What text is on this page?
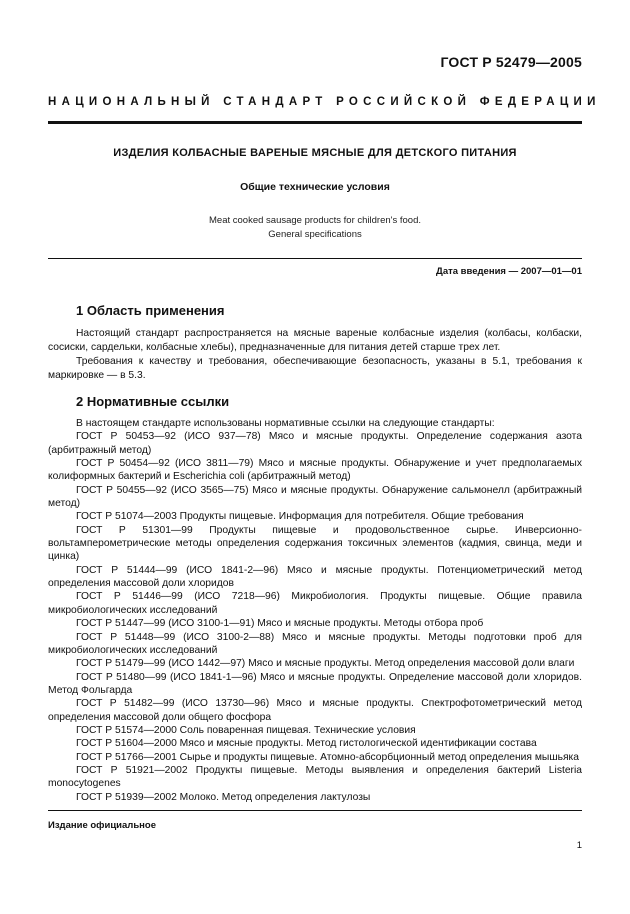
ГОСТ Р 52479—2005
НАЦИОНАЛЬНЫЙ СТАНДАРТ РОССИЙСКОЙ ФЕДЕРАЦИИ
ИЗДЕЛИЯ КОЛБАСНЫЕ ВАРЕНЫЕ МЯСНЫЕ ДЛЯ ДЕТСКОГО ПИТАНИЯ
Общие технические условия
Meat cooked sausage products for children's food.
General specifications
Дата введения — 2007—01—01
1 Область применения
Настоящий стандарт распространяется на мясные вареные колбасные изделия (колбасы, колбаски, сосиски, сардельки, колбасные хлебы), предназначенные для питания детей старше трех лет.
Требования к качеству и требования, обеспечивающие безопасность, указаны в 5.1, требования к маркировке — в 5.3.
2 Нормативные ссылки
В настоящем стандарте использованы нормативные ссылки на следующие стандарты:
ГОСТ Р 50453—92 (ИСО 937—78) Мясо и мясные продукты. Определение содержания азота (арбитражный метод)
ГОСТ Р 50454—92 (ИСО 3811—79) Мясо и мясные продукты. Обнаружение и учет предполагаемых колиформных бактерий и Escherichia coli (арбитражный метод)
ГОСТ Р 50455—92 (ИСО 3565—75) Мясо и мясные продукты. Обнаружение сальмонелл (арбитражный метод)
ГОСТ Р 51074—2003 Продукты пищевые. Информация для потребителя. Общие требования
ГОСТ Р 51301—99 Продукты пищевые и продовольственное сырье. Инверсионно-вольтамперометрические методы определения содержания токсичных элементов (кадмия, свинца, меди и цинка)
ГОСТ Р 51444—99 (ИСО 1841-2—96) Мясо и мясные продукты. Потенциометрический метод определения массовой доли хлоридов
ГОСТ Р 51446—99 (ИСО 7218—96) Микробиология. Продукты пищевые. Общие правила микробиологических исследований
ГОСТ Р 51447—99 (ИСО 3100-1—91) Мясо и мясные продукты. Методы отбора проб
ГОСТ Р 51448—99 (ИСО 3100-2—88) Мясо и мясные продукты. Методы подготовки проб для микробиологических исследований
ГОСТ Р 51479—99 (ИСО 1442—97) Мясо и мясные продукты. Метод определения массовой доли влаги
ГОСТ Р 51480—99 (ИСО 1841-1—96) Мясо и мясные продукты. Определение массовой доли хлоридов. Метод Фольгарда
ГОСТ Р 51482—99 (ИСО 13730—96) Мясо и мясные продукты. Спектрофотометрический метод определения массовой доли общего фосфора
ГОСТ Р 51574—2000 Соль поваренная пищевая. Технические условия
ГОСТ Р 51604—2000 Мясо и мясные продукты. Метод гистологической идентификации состава
ГОСТ Р 51766—2001 Сырье и продукты пищевые. Атомно-абсорбционный метод определения мышьяка
ГОСТ Р 51921—2002 Продукты пищевые. Методы выявления и определения бактерий Listeria monocytogenes
ГОСТ Р 51939—2002 Молоко. Метод определения лактулозы
Издание официальное
1
